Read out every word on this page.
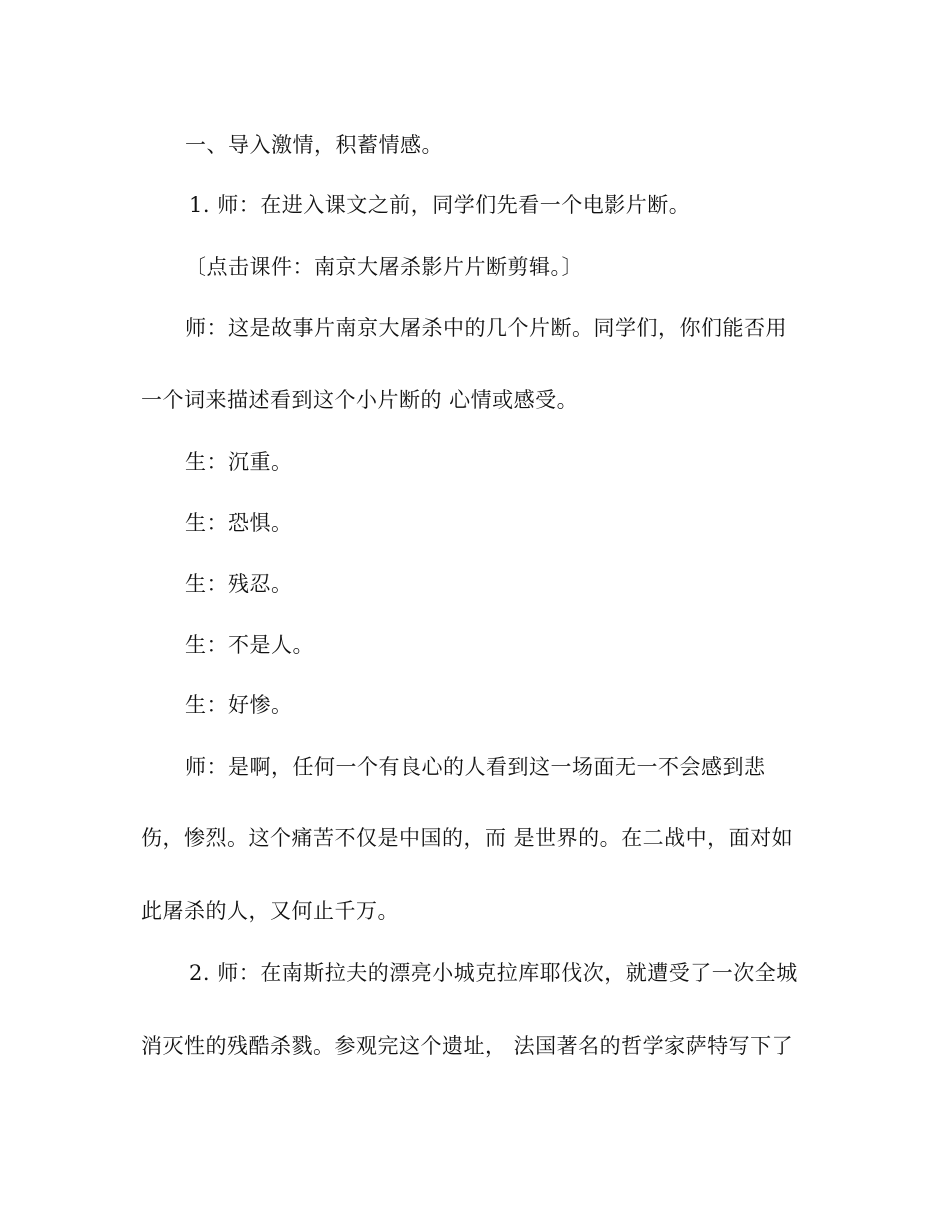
一、导入激情，积蓄情感。
1. 师：在进入课文之前，同学们先看一个电影片断。
〔点击课件：南京大屠杀影片片断剪辑。〕
师：这是故事片南京大屠杀中的几个片断。同学们，你们能否用
一个词来描述看到这个小片断的 心情或感受。
生：沉重。
生：恐惧。
生：残忍。
生：不是人。
生：好惨。
师：是啊，任何一个有良心的人看到这一场面无一不会感到悲
伤，惨烈。这个痛苦不仅是中国的，而 是世界的。在二战中，面对如
此屠杀的人，又何止千万。
2. 师：在南斯拉夫的漂亮小城克拉库耶伐次，就遭受了一次全城
消灭性的残酷杀戮。参观完这个遗址， 法国著名的哲学家萨特写下了
